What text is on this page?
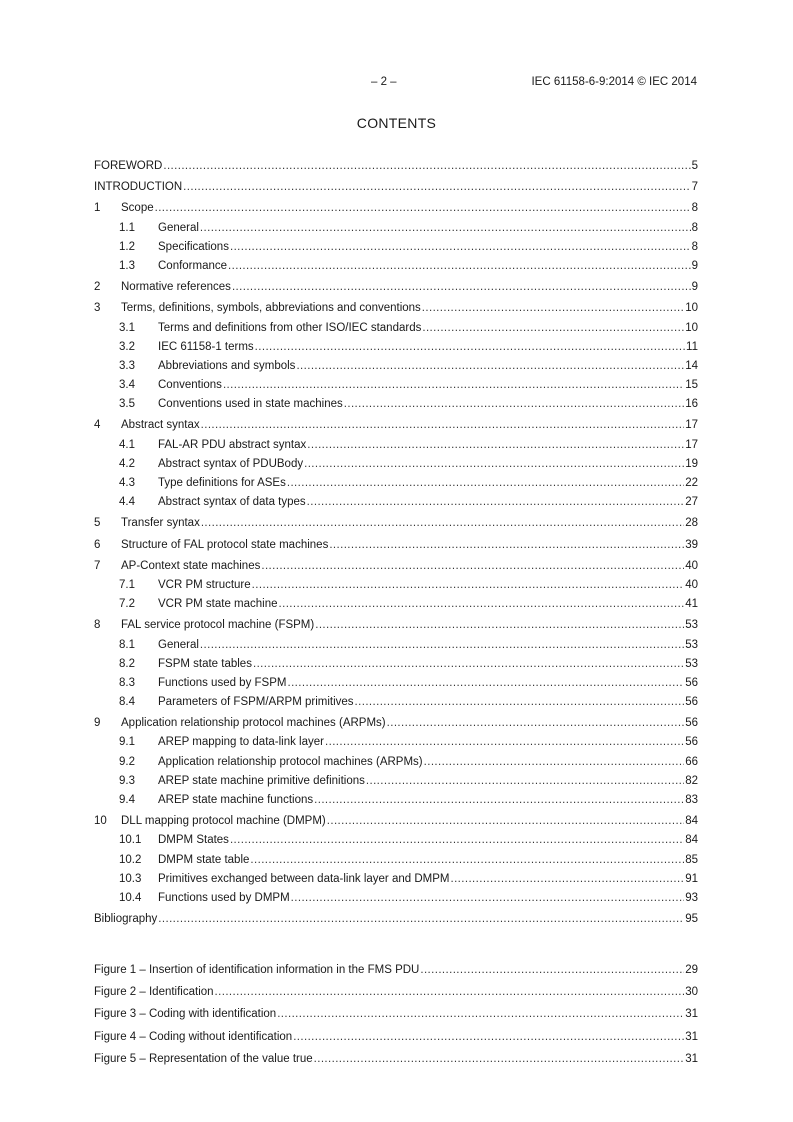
– 2 –	IEC 61158-6-9:2014 © IEC 2014
CONTENTS
FOREWORD .....	5
INTRODUCTION .....	7
1	Scope .....	8
1.1	General .....	8
1.2	Specifications .....	8
1.3	Conformance .....	9
2	Normative references .....	9
3	Terms, definitions, symbols, abbreviations and conventions .....	10
3.1	Terms and definitions from other ISO/IEC standards .....	10
3.2	IEC 61158-1 terms .....	11
3.3	Abbreviations and symbols .....	14
3.4	Conventions .....	15
3.5	Conventions used in state machines .....	16
4	Abstract syntax .....	17
4.1	FAL-AR PDU abstract syntax .....	17
4.2	Abstract syntax of PDUBody .....	19
4.3	Type definitions for ASEs .....	22
4.4	Abstract syntax of data types .....	27
5	Transfer syntax .....	28
6	Structure of FAL protocol state machines .....	39
7	AP-Context state machines .....	40
7.1	VCR PM structure .....	40
7.2	VCR PM state machine .....	41
8	FAL service protocol machine (FSPM) .....	53
8.1	General .....	53
8.2	FSPM state tables .....	53
8.3	Functions used by FSPM .....	56
8.4	Parameters of FSPM/ARPM primitives .....	56
9	Application relationship protocol machines (ARPMs) .....	56
9.1	AREP mapping to data-link layer .....	56
9.2	Application relationship protocol machines (ARPMs) .....	66
9.3	AREP state machine primitive definitions .....	82
9.4	AREP state machine functions .....	83
10	DLL mapping protocol machine (DMPM) .....	84
10.1	DMPM States .....	84
10.2	DMPM state table .....	85
10.3	Primitives exchanged between data-link layer and DMPM .....	91
10.4	Functions used by DMPM .....	93
Bibliography .....	95
Figure 1 – Insertion of identification information in the FMS PDU .....	29
Figure 2 – Identification .....	30
Figure 3 – Coding with identification .....	31
Figure 4 – Coding without identification .....	31
Figure 5 – Representation of the value true .....	31
